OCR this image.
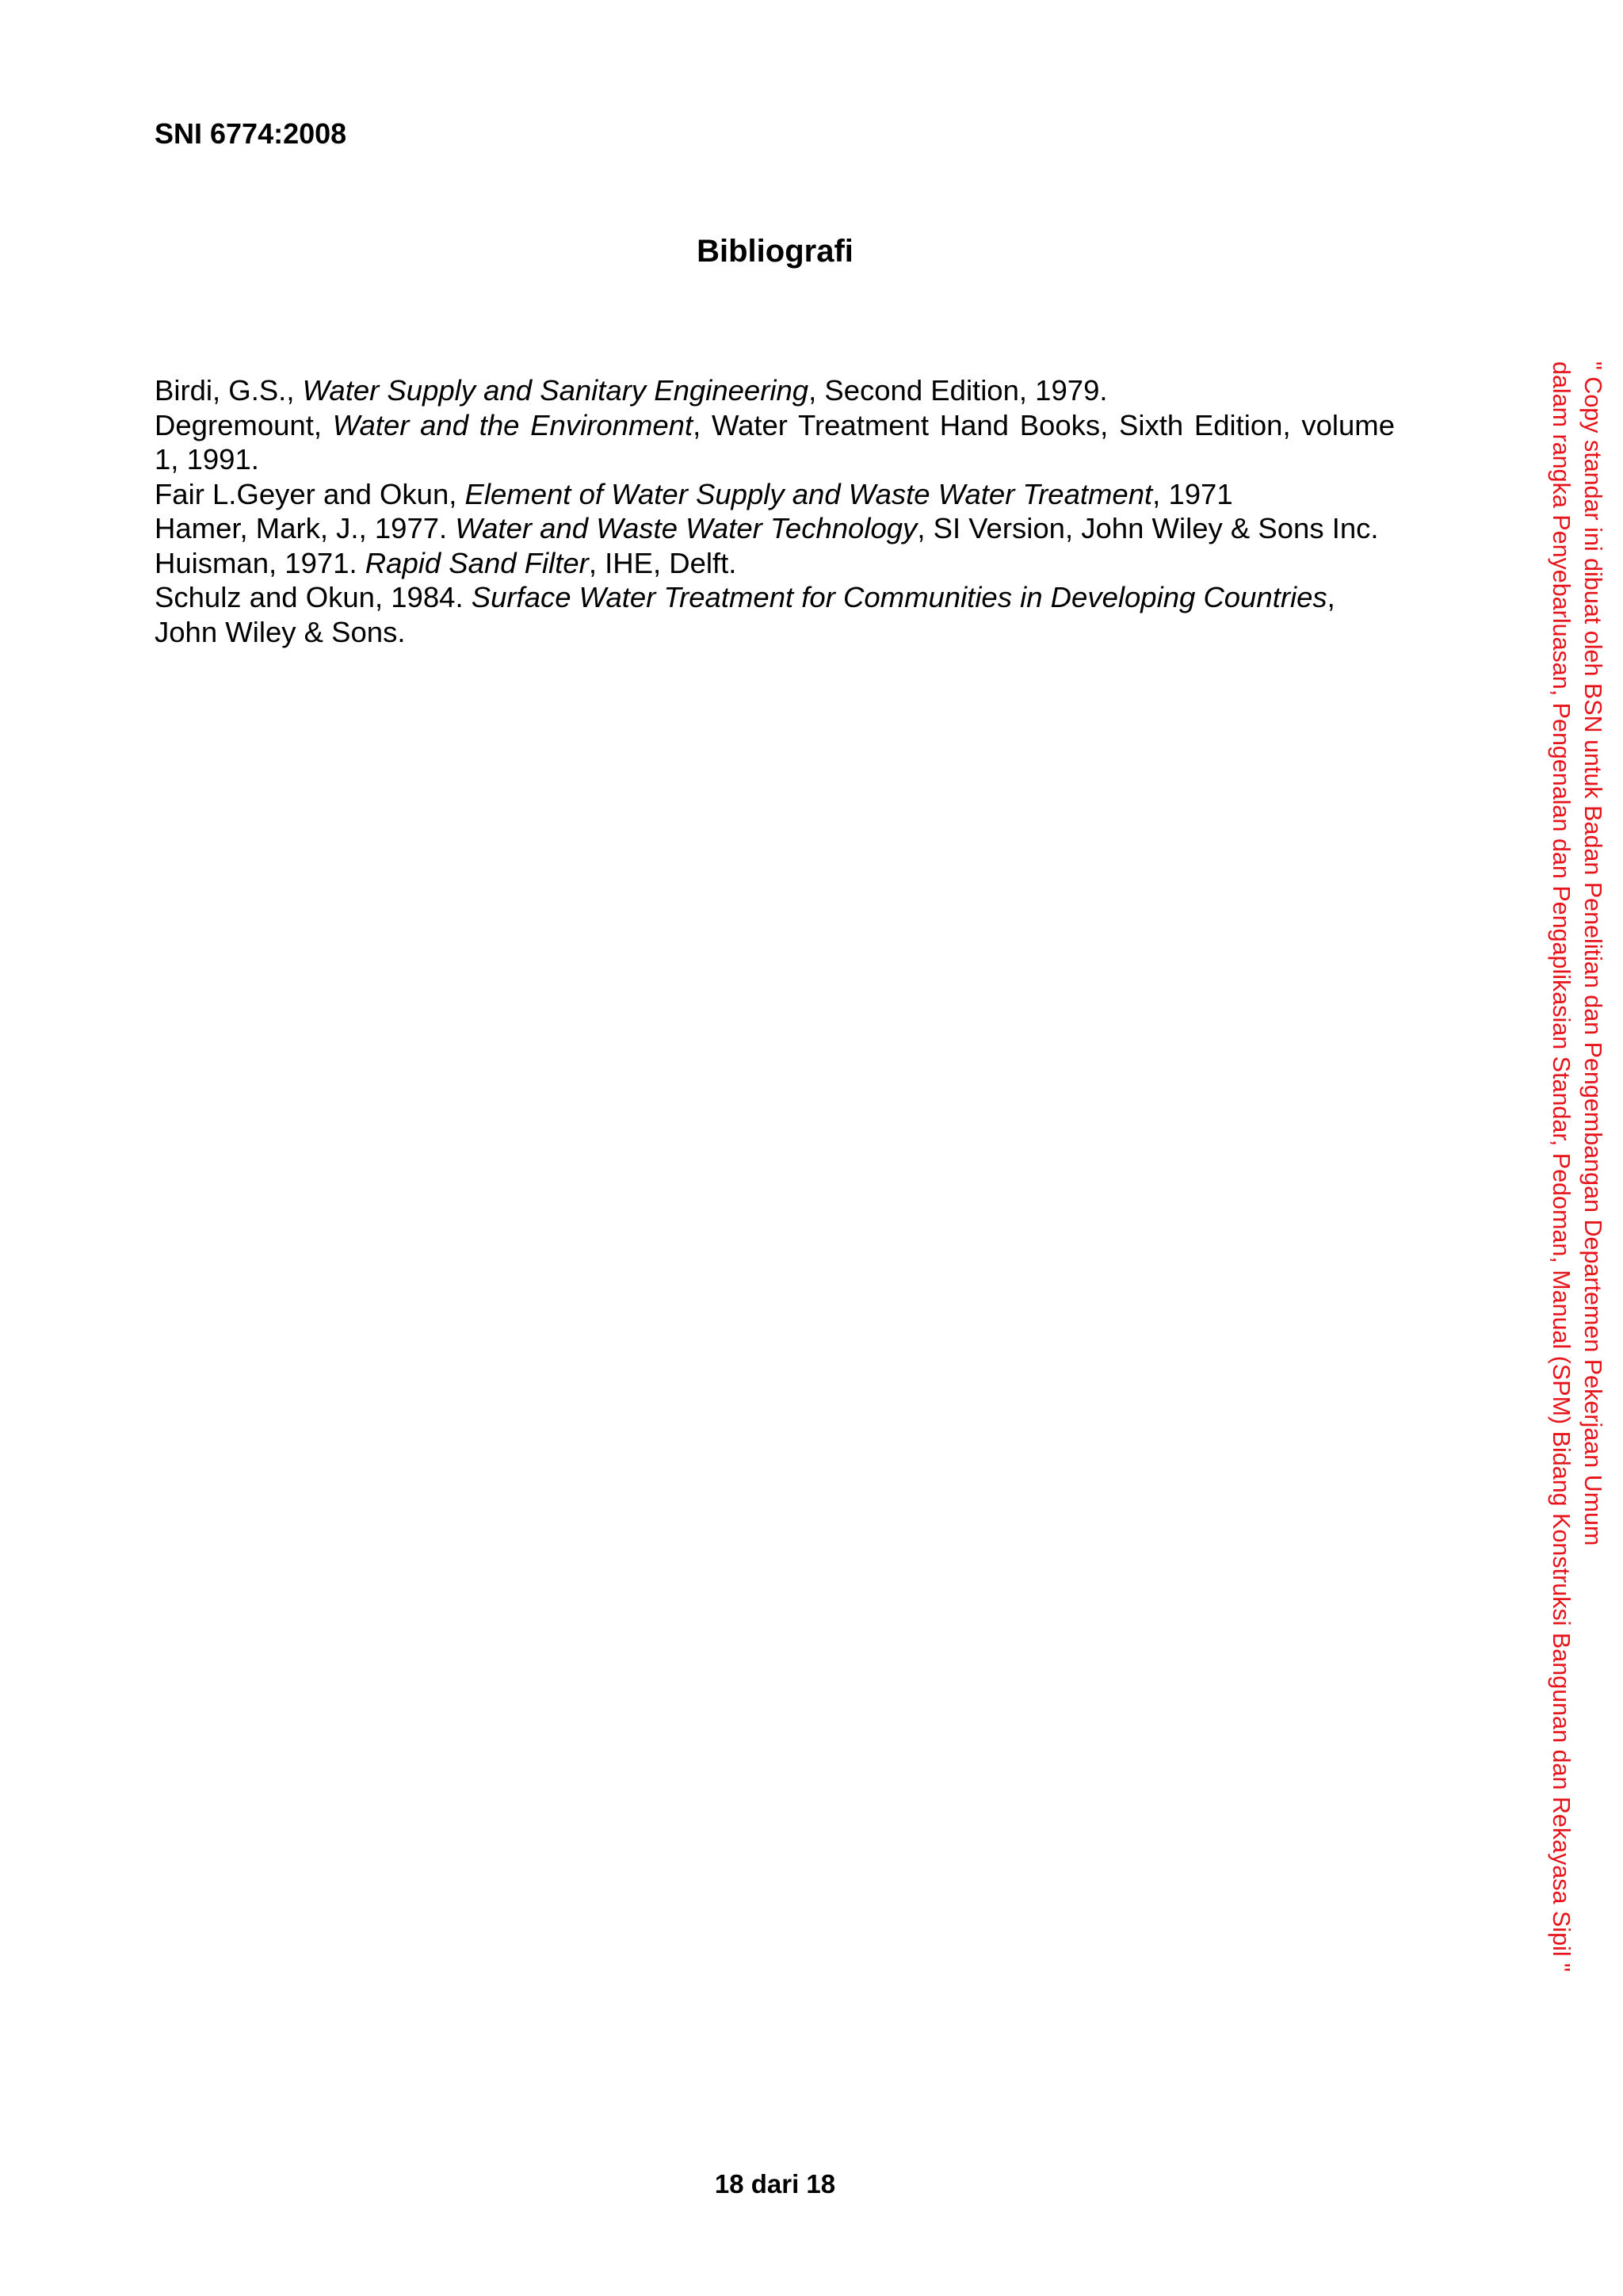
SNI 6774:2008
Bibliografi
Birdi, G.S., Water Supply and Sanitary Engineering, Second Edition, 1979.
Degremount, Water and the Environment, Water Treatment Hand Books, Sixth Edition, volume 1, 1991.
Fair L.Geyer and Okun, Element of Water Supply and Waste Water Treatment, 1971
Hamer, Mark, J., 1977. Water and Waste Water Technology, SI Version, John Wiley & Sons Inc.
Huisman, 1971. Rapid Sand Filter, IHE, Delft.
Schulz and Okun, 1984. Surface Water Treatment for Communities in Developing Countries, John Wiley & Sons.
18 dari 18
" Copy standar ini dibuat oleh BSN untuk Badan Penelitian dan Pengembangan Departemen Pekerjaan Umum
dalam rangka Penyebarluasan, Pengenalan dan Pengaplikasian Standar, Pedoman, Manual (SPM) Bidang Konstruksi Bangunan dan Rekayasa Sipil "
